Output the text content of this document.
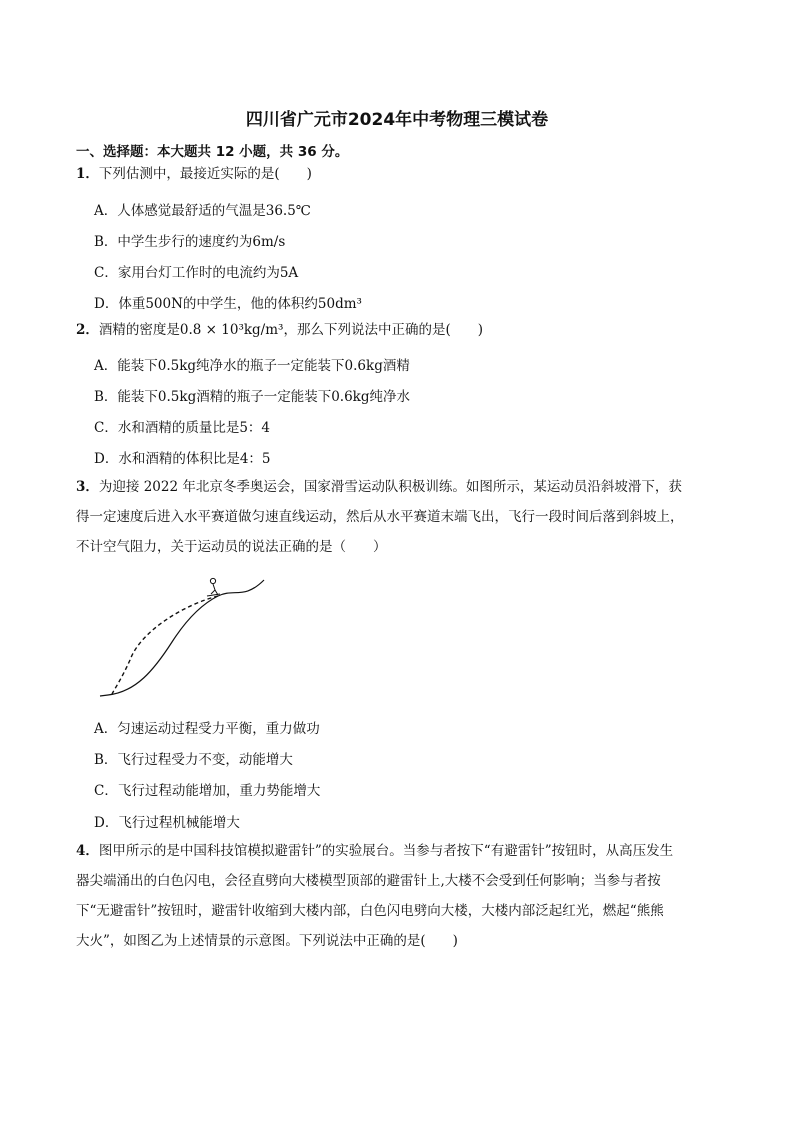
四川省广元市2024年中考物理三模试卷
一、选择题：本大题共 12 小题，共 36 分。
1．下列估测中，最接近实际的是(　　)
A．人体感觉最舒适的气温是36.5℃
B．中学生步行的速度约为6m/s
C．家用台灯工作时的电流约为5A
D．体重500N的中学生，他的体积约50dm³
2．酒精的密度是0.8 × 10³kg/m³，那么下列说法中正确的是(　　)
A．能装下0.5kg纯净水的瓶子一定能装下0.6kg酒精
B．能装下0.5kg酒精的瓶子一定能装下0.6kg纯净水
C．水和酒精的质量比是5：4
D．水和酒精的体积比是4：5
3．为迎接 2022 年北京冬季奥运会，国家滑雪运动队积极训练。如图所示，某运动员沿斜坡滑下，获
得一定速度后进入水平赛道做匀速直线运动，然后从水平赛道末端飞出，飞行一段时间后落到斜坡上，
不计空气阻力，关于运动员的说法正确的是（　　）
A．匀速运动过程受力平衡，重力做功
B．飞行过程受力不变，动能增大
C．飞行过程动能增加，重力势能增大
D．飞行过程机械能增大
4．图甲所示的是中国科技馆模拟避雷针”的实验展台。当参与者按下“有避雷针”按钮时，从高压发生
器尖端涌出的白色闪电，会径直劈向大楼模型顶部的避雷针上,大楼不会受到任何影响；当参与者按
下“无避雷针”按钮时，避雷针收缩到大楼内部，白色闪电劈向大楼，大楼内部泛起红光，燃起“熊熊
大火”，如图乙为上述情景的示意图。下列说法中正确的是(　　)
